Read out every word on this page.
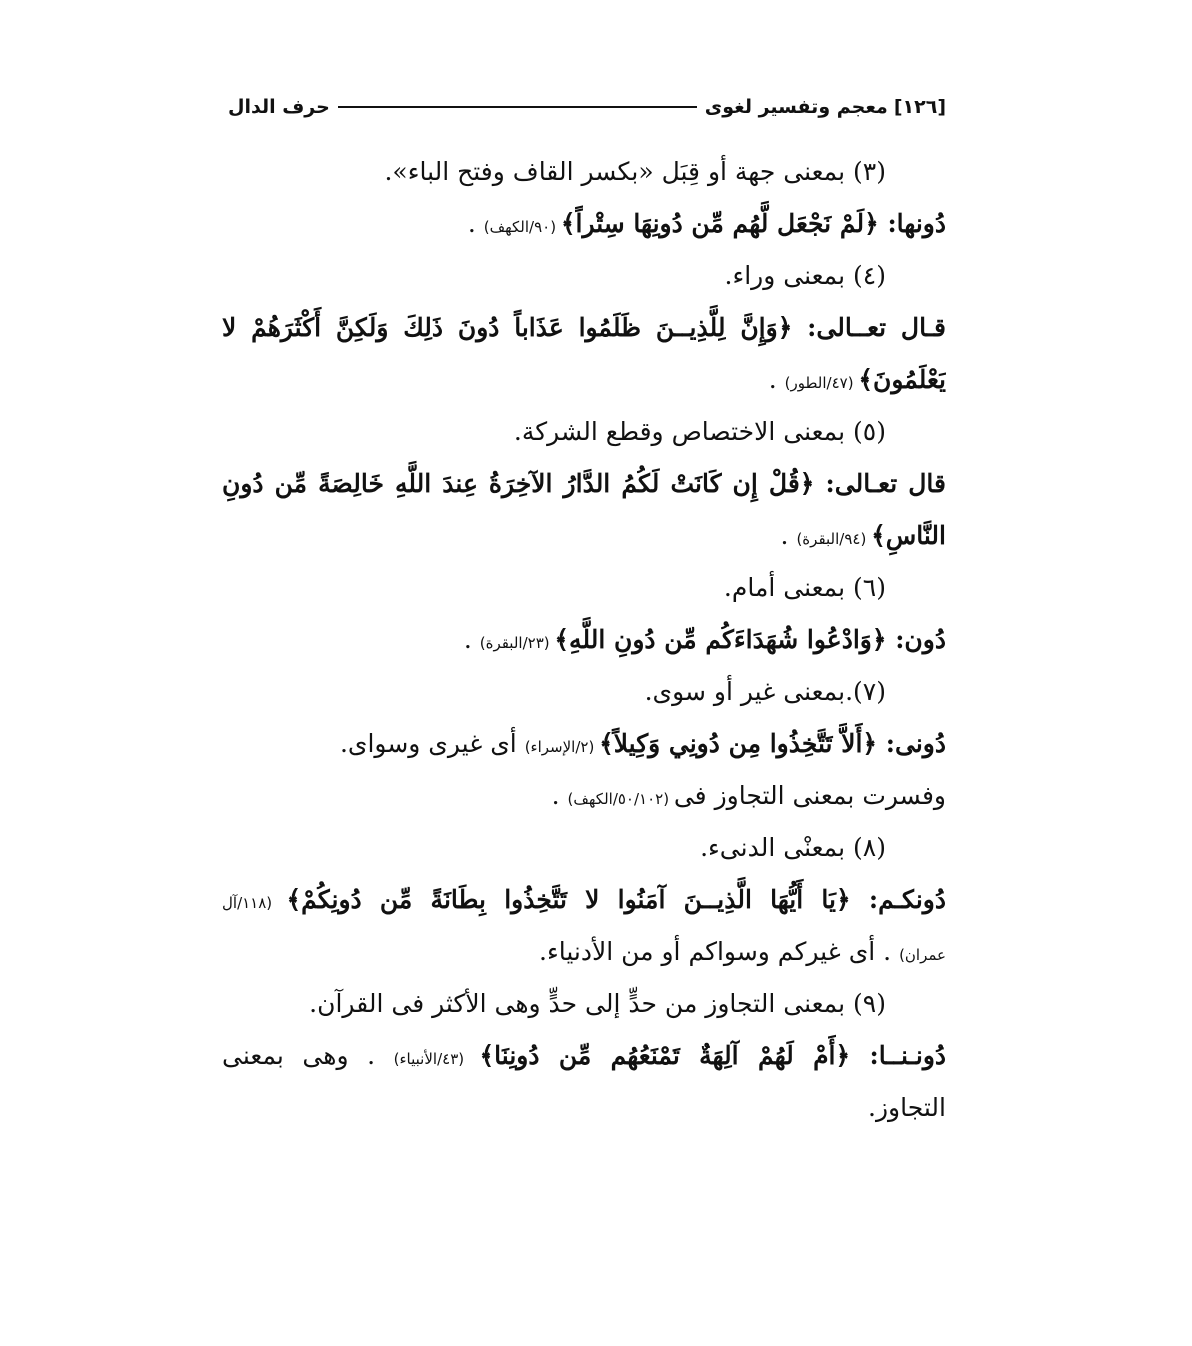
[١٢٦]
معجم وتفسير لغوى
حرف الدال
(٣) بمعنى جهة أو قِبَل «بكسر القاف وفتح الباء».
دُونها: ﴿لَمْ نَجْعَل لَّهُم مِّن دُونِهَا سِتْراً﴾ (٩٠/الكهف) .
(٤) بمعنى وراء.
قـال تعــالى: ﴿وَإِنَّ لِلَّذِيــنَ ظَلَمُوا عَذَاباً دُونَ ذَلِكَ وَلَكِنَّ أَكْثَرَهُمْ لا
يَعْلَمُونَ﴾ (٤٧/الطور) .
(٥) بمعنى الاختصاص وقطع الشركة.
قال تعـالى: ﴿قُلْ إِن كَانَتْ لَكُمُ الدَّارُ الآخِرَةُ عِندَ اللَّهِ خَالِصَةً مِّن دُونِ
النَّاسِ﴾ (٩٤/البقرة) .
(٦) بمعنى أمام.
دُون: ﴿وَادْعُوا شُهَدَاءَكُم مِّن دُونِ اللَّهِ﴾ (٢٣/البقرة) .
(٧).بمعنى غير أو سوى.
دُونى: ﴿أَلاَّ تَتَّخِذُوا مِن دُونِي وَكِيلاً﴾ (٢/الإسراء) أى غيرى وسواى.
وفسرت بمعنى التجاوز فى (٥٠/١٠٢/الكهف) .
(٨) بمعنْى الدنىء.
دُونكـم: ﴿يَا أَيُّهَا الَّذِيــنَ آمَنُوا لا تَتَّخِذُوا بِطَانَةً مِّن دُونِكُمْ﴾ (١١٨/آل
عمران) . أى غيركم وسواكم أو من الأدنياء.
(٩) بمعنى التجاوز من حدٍّ إلى حدٍّ وهى الأكثر فى القرآن.
دُونـنــا: ﴿أَمْ لَهُمْ آلِهَةٌ تَمْنَعُهُم مِّن دُونِنَا﴾ (٤٣/الأنبياء) . وهى بمعنى
التجاوز.
